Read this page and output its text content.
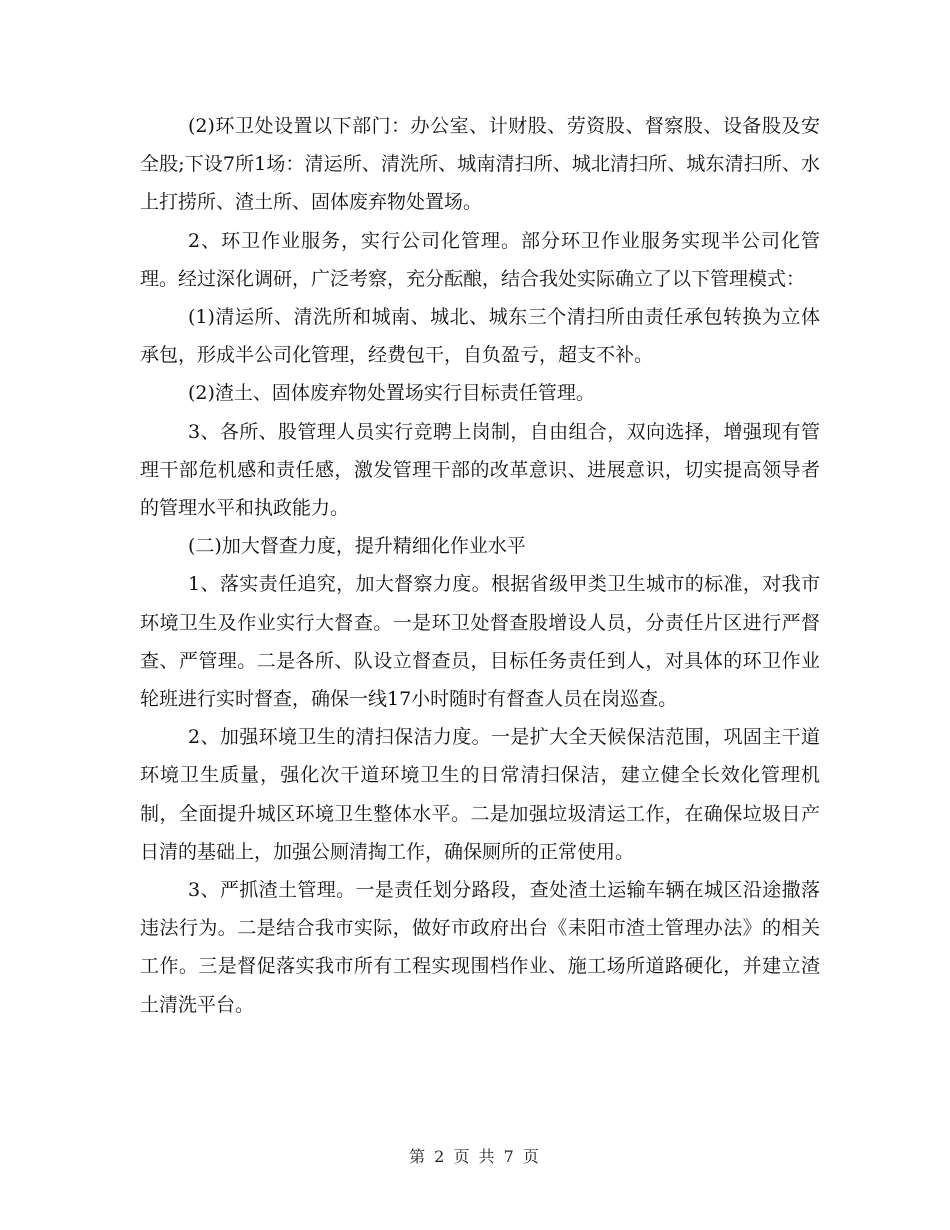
(2)环卫处设置以下部门：办公室、计财股、劳资股、督察股、设备股及安全股;下设7所1场：清运所、清洗所、城南清扫所、城北清扫所、城东清扫所、水上打捞所、渣土所、固体废弃物处置场。

2、环卫作业服务，实行公司化管理。部分环卫作业服务实现半公司化管理。经过深化调研，广泛考察，充分酝酿，结合我处实际确立了以下管理模式：

(1)清运所、清洗所和城南、城北、城东三个清扫所由责任承包转换为立体承包，形成半公司化管理，经费包干，自负盈亏，超支不补。

(2)渣土、固体废弃物处置场实行目标责任管理。

3、各所、股管理人员实行竞聘上岗制，自由组合，双向选择，增强现有管理干部危机感和责任感，激发管理干部的改革意识、进展意识，切实提高领导者的管理水平和执政能力。

(二)加大督查力度，提升精细化作业水平

1、落实责任追究，加大督察力度。根据省级甲类卫生城市的标准，对我市环境卫生及作业实行大督查。一是环卫处督查股增设人员，分责任片区进行严督查、严管理。二是各所、队设立督查员，目标任务责任到人，对具体的环卫作业轮班进行实时督查，确保一线17小时随时有督查人员在岗巡查。

2、加强环境卫生的清扫保洁力度。一是扩大全天候保洁范围，巩固主干道环境卫生质量，强化次干道环境卫生的日常清扫保洁，建立健全长效化管理机制，全面提升城区环境卫生整体水平。二是加强垃圾清运工作，在确保垃圾日产日清的基础上，加强公厕清掏工作，确保厕所的正常使用。

3、严抓渣土管理。一是责任划分路段，查处渣土运输车辆在城区沿途撒落违法行为。二是结合我市实际，做好市政府出台《耒阳市渣土管理办法》的相关工作。三是督促落实我市所有工程实现围档作业、施工场所道路硬化，并建立渣土清洗平台。

第 2 页 共 7 页
